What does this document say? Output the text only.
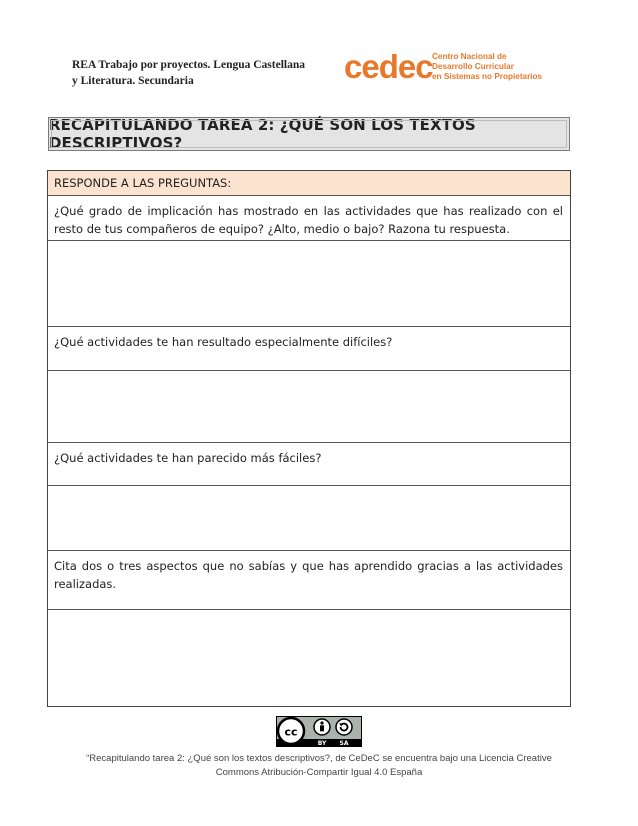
REA Trabajo por proyectos. Lengua Castellana
y Literatura. Secundaria	cedec Centro Nacional de
Desarrollo Curricular
en Sistemas no Propietarios
RECAPITULANDO TAREA 2: ¿QUÉ SON LOS TEXTOS DESCRIPTIVOS?
RESPONDE A LAS PREGUNTAS:
¿Qué grado de implicación has mostrado en las actividades que has realizado con el resto de tus compañeros de equipo? ¿Alto, medio o bajo? Razona tu respuesta.
¿Qué actividades te han resultado especialmente difíciles?
¿Qué actividades te han parecido más fáciles?
Cita dos o tres aspectos que no sabías y que has aprendido gracias a las actividades realizadas.
cc
BY SA
“Recapitulando tarea 2: ¿Qué son los textos descriptivos?, de CeDeC se encuentra bajo una Licencia Creative
Commons Atribución-Compartir Igual 4.0 España
